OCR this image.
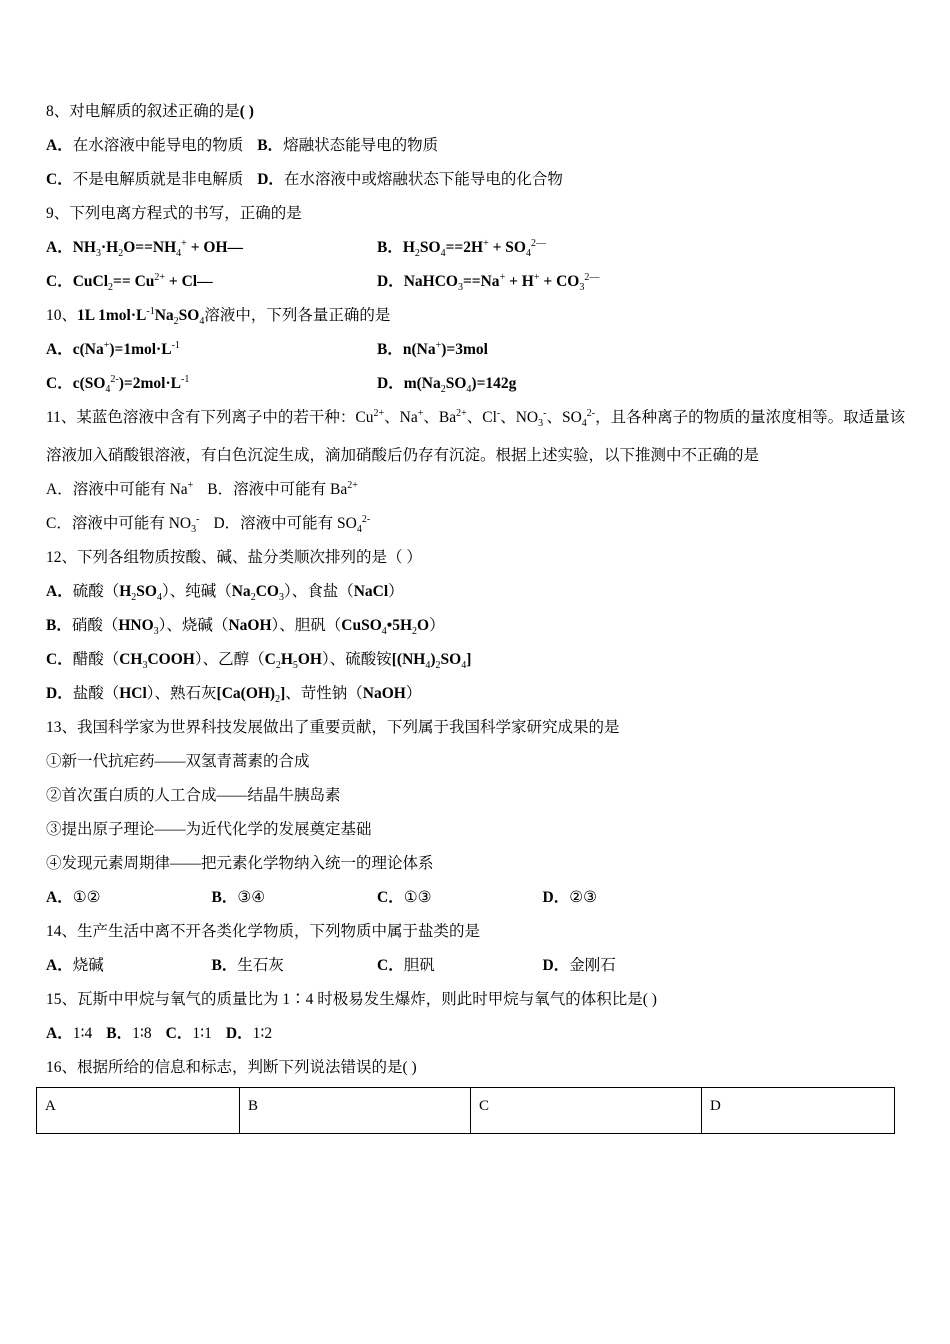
8、对电解质的叙述正确的是( )
A．在水溶液中能导电的物质 B．熔融状态能导电的物质
C．不是电解质就是非电解质 D．在水溶液中或熔融状态下能导电的化合物
9、下列电离方程式的书写，正确的是
A．$NH_3\cdot H_2O==NH_4^+$ + OH—	B．$H_2SO_4==2H^+ + SO_4^{2—}$
C．CuCl$_2$== $Cu^{2+}$ + Cl—	D．NaHCO$_3$==Na+ + $H^+ + CO_3^{2—}$
10、1L $1mol\cdot L^{-1}Na_2SO_4$溶液中，下列各量正确的是
A．$c(Na^+)=1mol\cdot L^{-1}$	B．n(Na+)=3mol
C．$c(SO_4^{2-})=2mol\cdot L^{-1}$	D．$m(Na_2SO_4)=142g$
11、某蓝色溶液中含有下列离子中的若干种：$Cu^{2+}$、Na+、$Ba^{2+}$、Cl-、$NO_3^-$、$SO_4^{2-}$，且各种离子的物质的量浓度相等。取适量该
溶液加入硝酸银溶液，有白色沉淀生成，滴加硝酸后仍存有沉淀。根据上述实验，以下推测中不正确的是
A．溶液中可能有 Na+ B．溶液中可能有 $Ba^{2+}$
C．溶液中可能有 $NO_3^-$ D．溶液中可能有 $SO_4^{2-}$
12、下列各组物质按酸、碱、盐分类顺次排列的是（ ）
A．硫酸$(H_2SO_4)$、纯碱$(Na_2CO_3)$、食盐（NaCl）
B．硝酸$(HNO_3)$、烧碱（NaOH）、胆矾$(CuSO_4•5H_2O)$
C．醋酸$(CH_3COOH)$、乙醇$(C_2H_5OH)$、硫酸铵$[(NH_4)_2SO_4]$
D．盐酸（HCl）、熟石灰$[Ca(OH)_2]$、苛性钠（NaOH）
13、我国科学家为世界科技发展做出了重要贡献，下列属于我国科学家研究成果的是
①新一代抗疟药——双氢青蒿素的合成
②首次蛋白质的人工合成——结晶牛胰岛素
③提出原子理论——为近代化学的发展奠定基础
④发现元素周期律——把元素化学物纳入统一的理论体系
A．①②	B．③④	C．①③	D．②③
14、生产生活中离不开各类化学物质，下列物质中属于盐类的是
A．烧碱	B．生石灰	C．胆矾	D．金刚石
15、瓦斯中甲烷与氧气的质量比为 1∶4 时极易发生爆炸，则此时甲烷与氧气的体积比是( )
A．1∶4 B．1∶8 C．1∶1 D．1∶2
16、根据所给的信息和标志，判断下列说法错误的是( )
A	B	C	D
